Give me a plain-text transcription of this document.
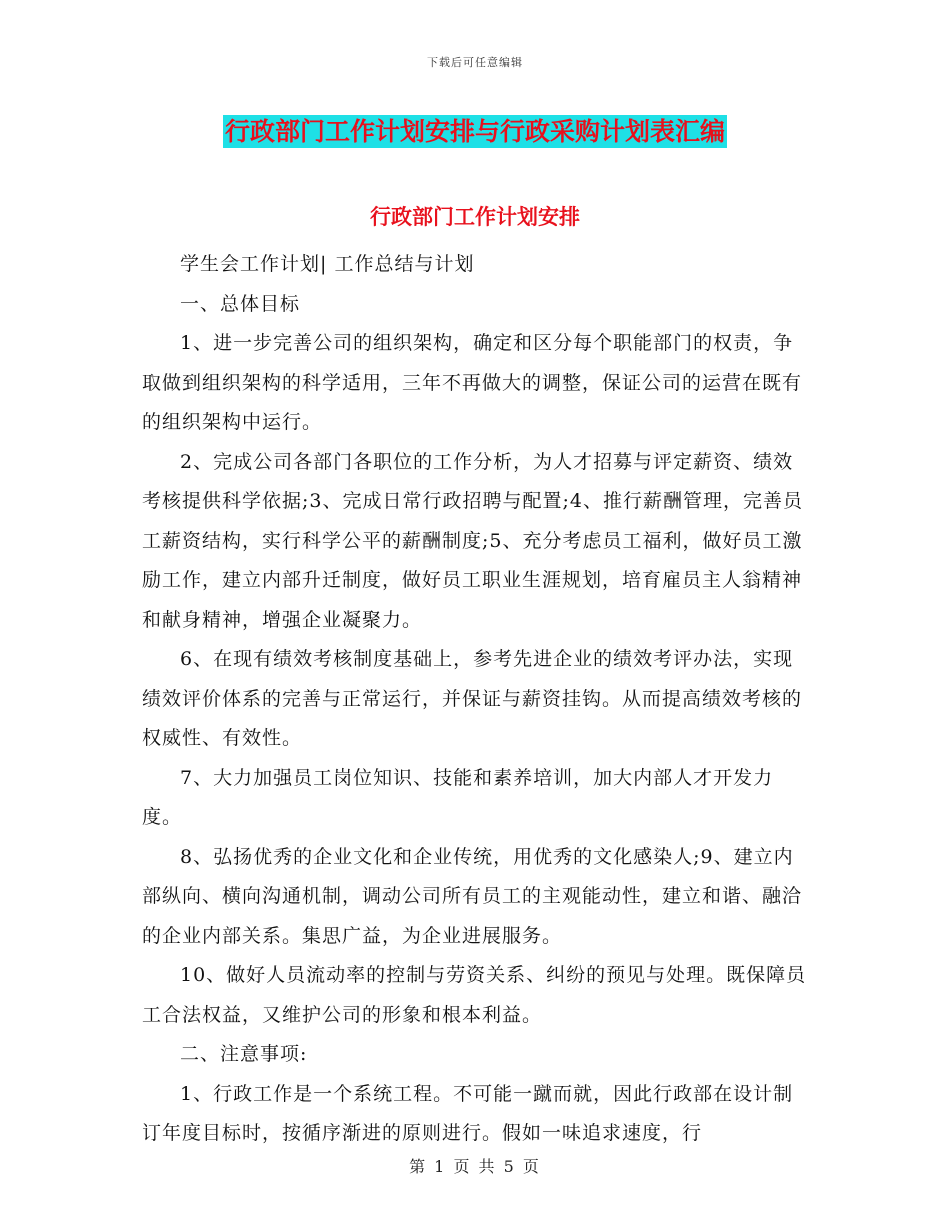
下载后可任意编辑
行政部门工作计划安排与行政采购计划表汇编
行政部门工作计划安排

学生会工作计划| 工作总结与计划

一、总体目标

1、进一步完善公司的组织架构，确定和区分每个职能部门的权责，争取做到组织架构的科学适用，三年不再做大的调整，保证公司的运营在既有的组织架构中运行。

2、完成公司各部门各职位的工作分析，为人才招募与评定薪资、绩效考核提供科学依据;3、完成日常行政招聘与配置;4、推行薪酬管理，完善员工薪资结构，实行科学公平的薪酬制度;5、充分考虑员工福利，做好员工激励工作，建立内部升迁制度，做好员工职业生涯规划，培育雇员主人翁精神和献身精神，增强企业凝聚力。

6、在现有绩效考核制度基础上，参考先进企业的绩效考评办法，实现绩效评价体系的完善与正常运行，并保证与薪资挂钩。从而提高绩效考核的权威性、有效性。

7、大力加强员工岗位知识、技能和素养培训，加大内部人才开发力度。

8、弘扬优秀的企业文化和企业传统，用优秀的文化感染人;9、建立内部纵向、横向沟通机制，调动公司所有员工的主观能动性，建立和谐、融洽的企业内部关系。集思广益，为企业进展服务。

10、做好人员流动率的控制与劳资关系、纠纷的预见与处理。既保障员工合法权益，又维护公司的形象和根本利益。

二、注意事项:

1、行政工作是一个系统工程。不可能一蹴而就，因此行政部在设计制订年度目标时，按循序渐进的原则进行。假如一味追求速度，行

第 1 页 共 5 页
